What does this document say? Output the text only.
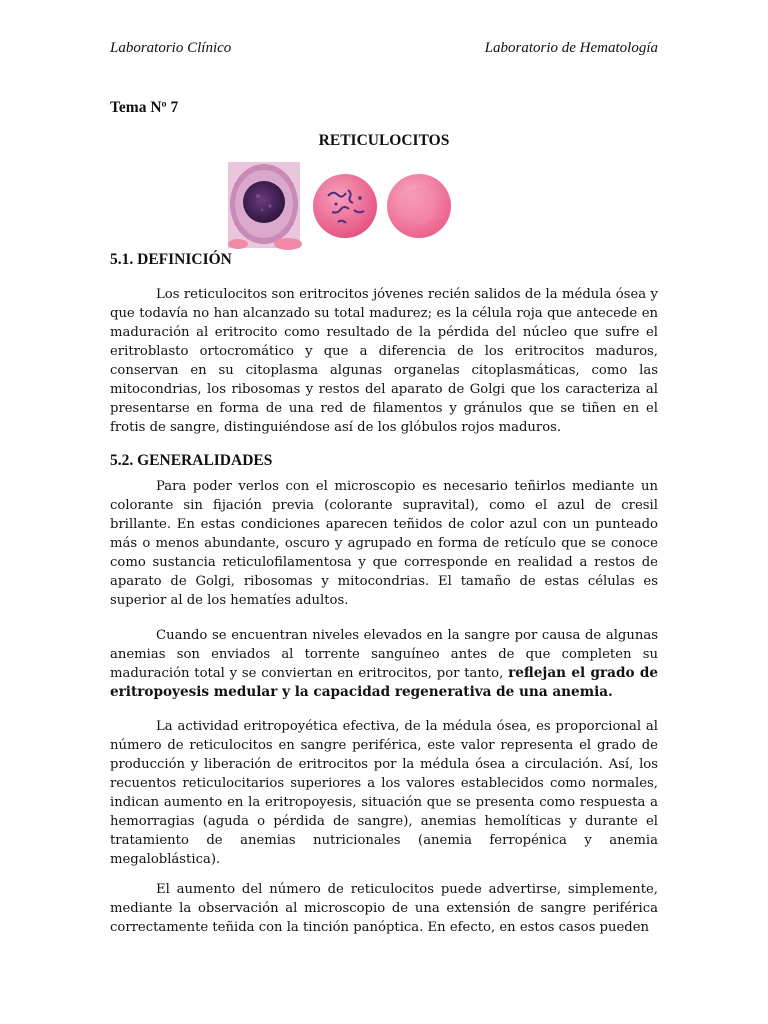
Laboratorio Clínico	Laboratorio de Hematología
Tema Nº 7
RETICULOCITOS
5.1. DEFINICIÓN

Los reticulocitos son eritrocitos jóvenes recién salidos de la médula ósea y que todavía no han alcanzado su total madurez; es la célula roja que antecede en maduración al eritrocito como resultado de la pérdida del núcleo que sufre el eritroblasto ortocromático y que a diferencia de los eritrocitos maduros, conservan en su citoplasma algunas organelas citoplasmáticas, como las mitocondrias, los ribosomas y restos del aparato de Golgi que los caracteriza al presentarse en forma de una red de filamentos y gránulos que se tiñen en el frotis de sangre, distinguiéndose así de los glóbulos rojos maduros.

5.2. GENERALIDADES

Para poder verlos con el microscopio es necesario teñirlos mediante un colorante sin fijación previa (colorante supravital), como el azul de cresil brillante. En estas condiciones aparecen teñidos de color azul con un punteado más o menos abundante, oscuro y agrupado en forma de retículo que se conoce como sustancia reticulofilamentosa y que corresponde en realidad a restos de aparato de Golgi, ribosomas y mitocondrias. El tamaño de estas células es superior al de los hematíes adultos.

Cuando se encuentran niveles elevados en la sangre por causa de algunas anemias son enviados al torrente sanguíneo antes de que completen su maduración total y se conviertan en eritrocitos, por tanto, reflejan el grado de eritropoyesis medular y la capacidad regenerativa de una anemia.

La actividad eritropoyética efectiva, de la médula ósea, es proporcional al número de reticulocitos en sangre periférica, este valor representa el grado de producción y liberación de eritrocitos por la médula ósea a circulación. Así, los recuentos reticulocitarios superiores a los valores establecidos como normales, indican aumento en la eritropoyesis, situación que se presenta como respuesta a hemorragias (aguda o pérdida de sangre), anemias hemolíticas y durante el tratamiento de anemias nutricionales (anemia ferropénica y anemia megaloblástica).

El aumento del número de reticulocitos puede advertirse, simplemente, mediante la observación al microscopio de una extensión de sangre periférica correctamente teñida con la tinción panóptica. En efecto, en estos casos pueden
